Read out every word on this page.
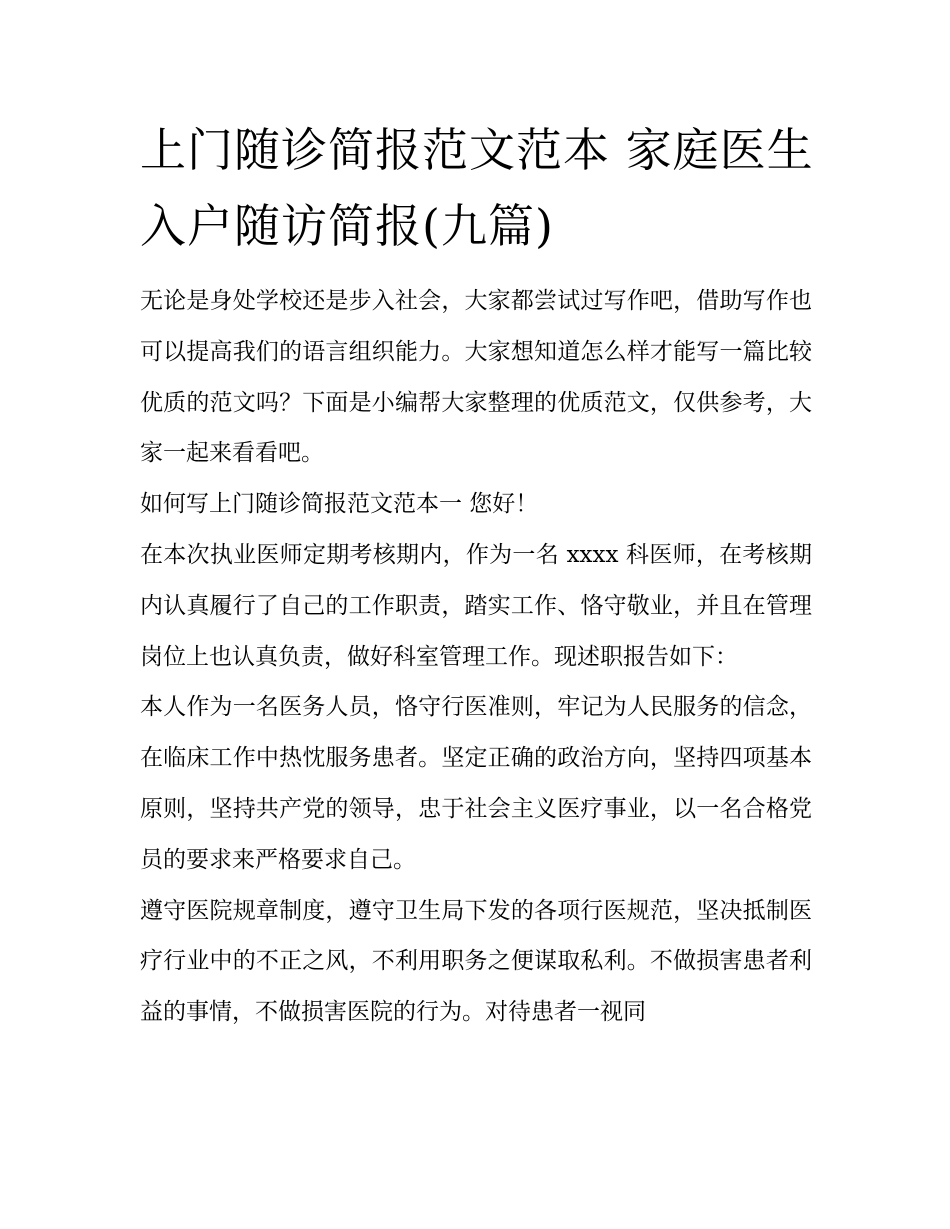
上门随诊简报范文范本 家庭医生入户随访简报(九篇)

无论是身处学校还是步入社会，大家都尝试过写作吧，借助写作也可以提高我们的语言组织能力。大家想知道怎么样才能写一篇比较优质的范文吗？下面是小编帮大家整理的优质范文，仅供参考，大家一起来看看吧。

如何写上门随诊简报范文范本一 您好！

在本次执业医师定期考核期内，作为一名 xxxx 科医师，在考核期内认真履行了自己的工作职责，踏实工作、恪守敬业，并且在管理岗位上也认真负责，做好科室管理工作。现述职报告如下：

本人作为一名医务人员，恪守行医准则，牢记为人民服务的信念，在临床工作中热忱服务患者。坚定正确的政治方向，坚持四项基本原则，坚持共产党的领导，忠于社会主义医疗事业，以一名合格党员的要求来严格要求自己。

遵守医院规章制度，遵守卫生局下发的各项行医规范，坚决抵制医疗行业中的不正之风，不利用职务之便谋取私利。不做损害患者利益的事情，不做损害医院的行为。对待患者一视同
